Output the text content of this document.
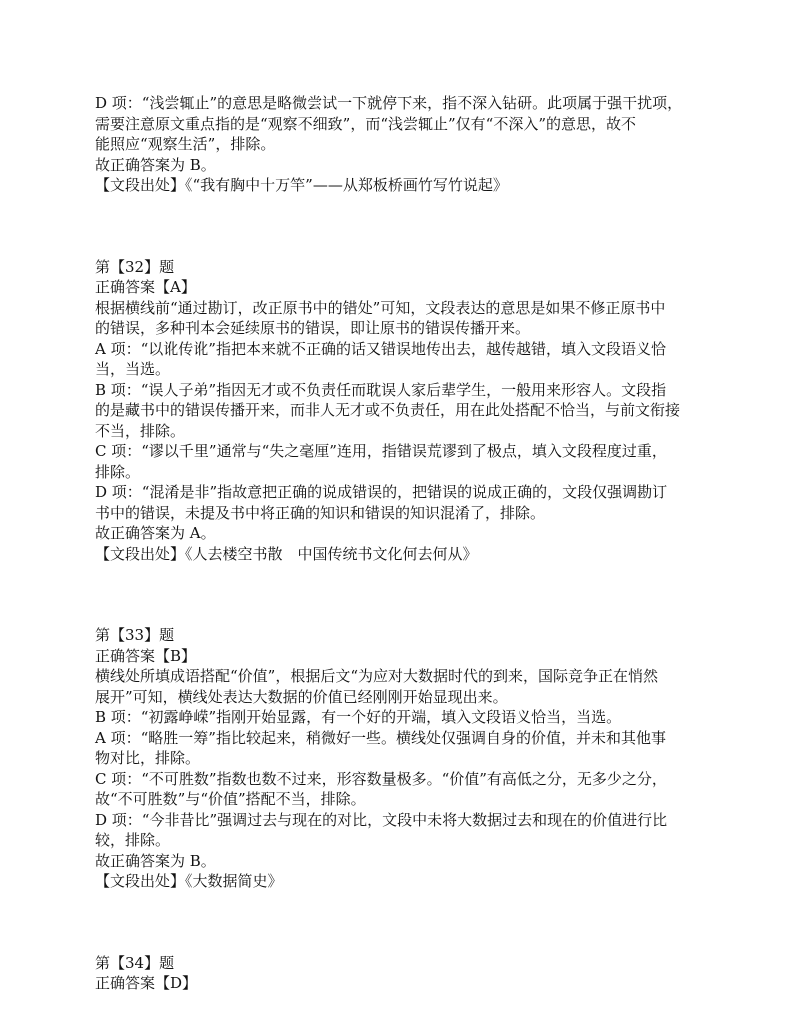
D 项：“浅尝辄止”的意思是略微尝试一下就停下来，指不深入钻研。此项属于强干扰项，
需要注意原文重点指的是“观察不细致”，而“浅尝辄止”仅有“不深入”的意思，故不
能照应“观察生活”，排除。
故正确答案为 B。
【文段出处】《“我有胸中十万竿”——从郑板桥画竹写竹说起》
第【32】题
正确答案【A】
根据横线前“通过勘订，改正原书中的错处”可知，文段表达的意思是如果不修正原书中
的错误，多种刊本会延续原书的错误，即让原书的错误传播开来。
A 项：“以讹传讹”指把本来就不正确的话又错误地传出去，越传越错，填入文段语义恰
当，当选。
B 项：“误人子弟”指因无才或不负责任而耽误人家后辈学生，一般用来形容人。文段指
的是藏书中的错误传播开来，而非人无才或不负责任，用在此处搭配不恰当，与前文衔接
不当，排除。
C 项：“谬以千里”通常与“失之毫厘”连用，指错误荒谬到了极点，填入文段程度过重，
排除。
D 项：“混淆是非”指故意把正确的说成错误的，把错误的说成正确的，文段仅强调勘订
书中的错误，未提及书中将正确的知识和错误的知识混淆了，排除。
故正确答案为 A。
【文段出处】《人去楼空书散　中国传统书文化何去何从》
第【33】题
正确答案【B】
横线处所填成语搭配“价值”，根据后文“为应对大数据时代的到来，国际竞争正在悄然
展开”可知，横线处表达大数据的价值已经刚刚开始显现出来。
B 项：“初露峥嵘”指刚开始显露，有一个好的开端，填入文段语义恰当，当选。
A 项：“略胜一筹”指比较起来，稍微好一些。横线处仅强调自身的价值，并未和其他事
物对比，排除。
C 项：“不可胜数”指数也数不过来，形容数量极多。“价值”有高低之分，无多少之分，
故“不可胜数”与“价值”搭配不当，排除。
D 项：“今非昔比”强调过去与现在的对比，文段中未将大数据过去和现在的价值进行比
较，排除。
故正确答案为 B。
【文段出处】《大数据简史》
第【34】题
正确答案【D】
